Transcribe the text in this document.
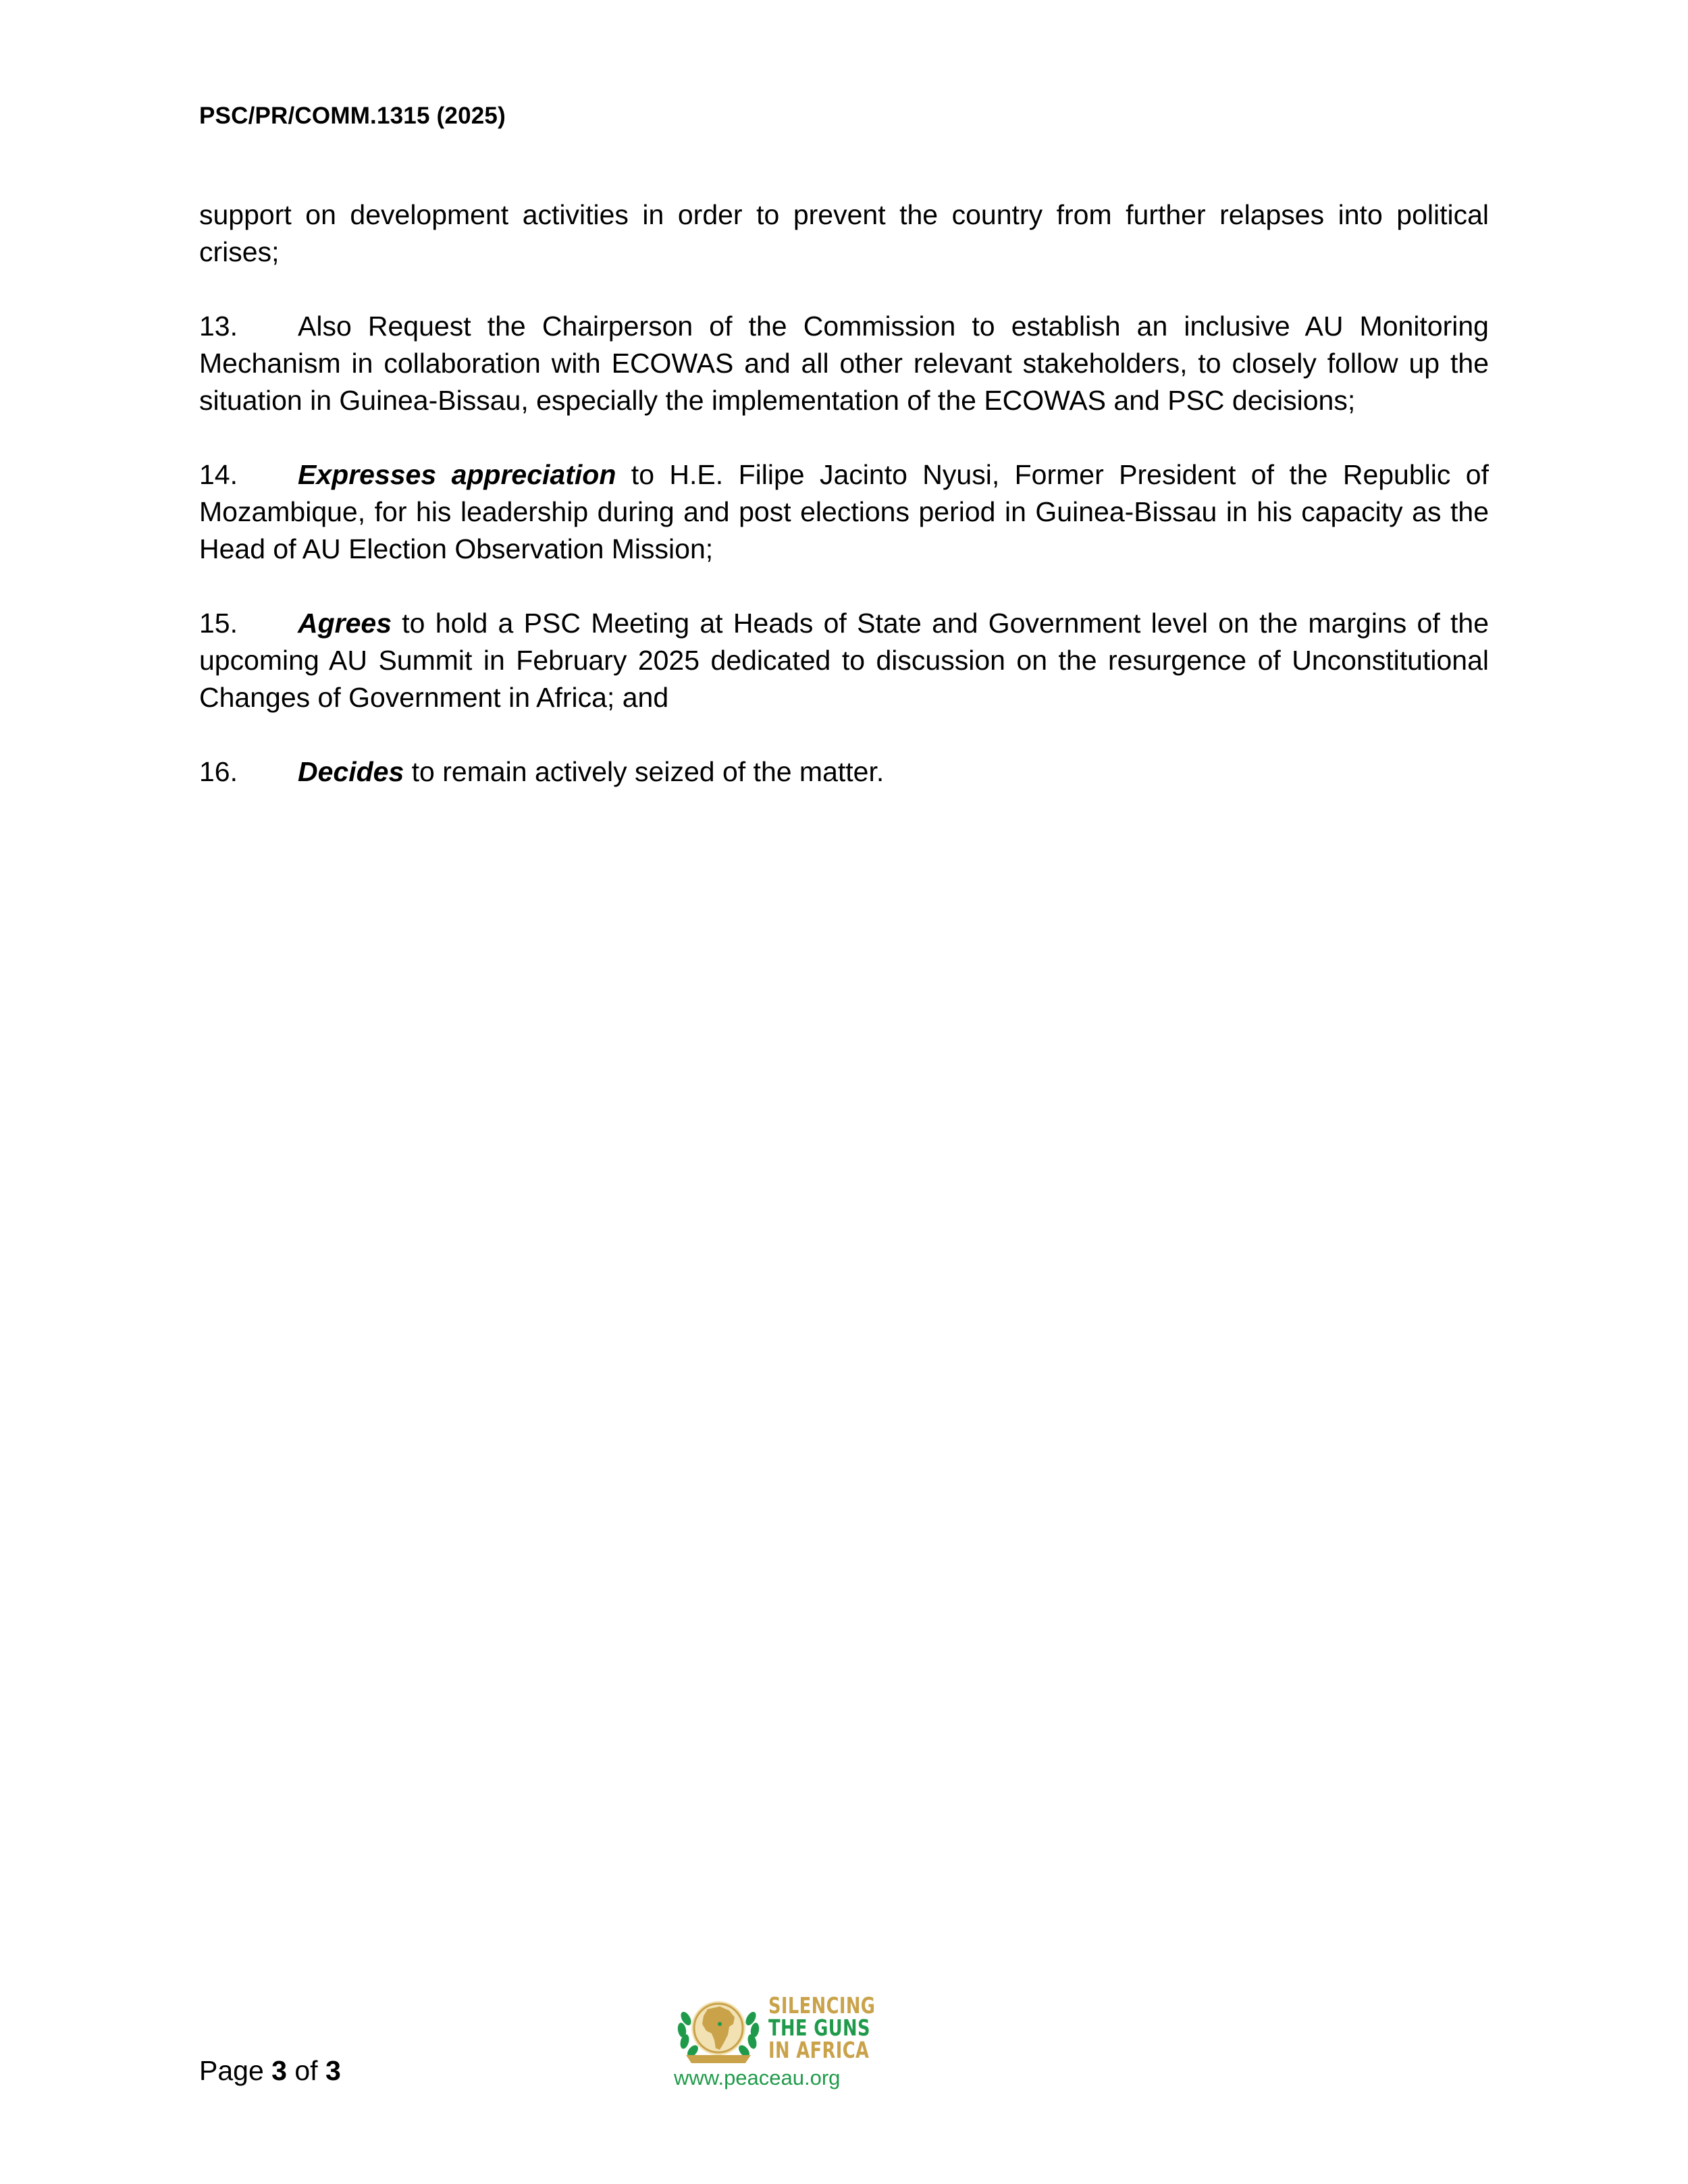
PSC/PR/COMM.1315 (2025)

support on development activities in order to prevent the country from further relapses into political crises;

13. Also Request the Chairperson of the Commission to establish an inclusive AU Monitoring Mechanism in collaboration with ECOWAS and all other relevant stakeholders, to closely follow up the situation in Guinea-Bissau, especially the implementation of the ECOWAS and PSC decisions;

14. Expresses appreciation to H.E. Filipe Jacinto Nyusi, Former President of the Republic of Mozambique, for his leadership during and post elections period in Guinea-Bissau in his capacity as the Head of AU Election Observation Mission;

15. Agrees to hold a PSC Meeting at Heads of State and Government level on the margins of the upcoming AU Summit in February 2025 dedicated to discussion on the resurgence of Unconstitutional Changes of Government in Africa; and

16. Decides to remain actively seized of the matter.

Page 3 of 3
SILENCING
THE GUNS
IN AFRICA
www.peaceau.org
